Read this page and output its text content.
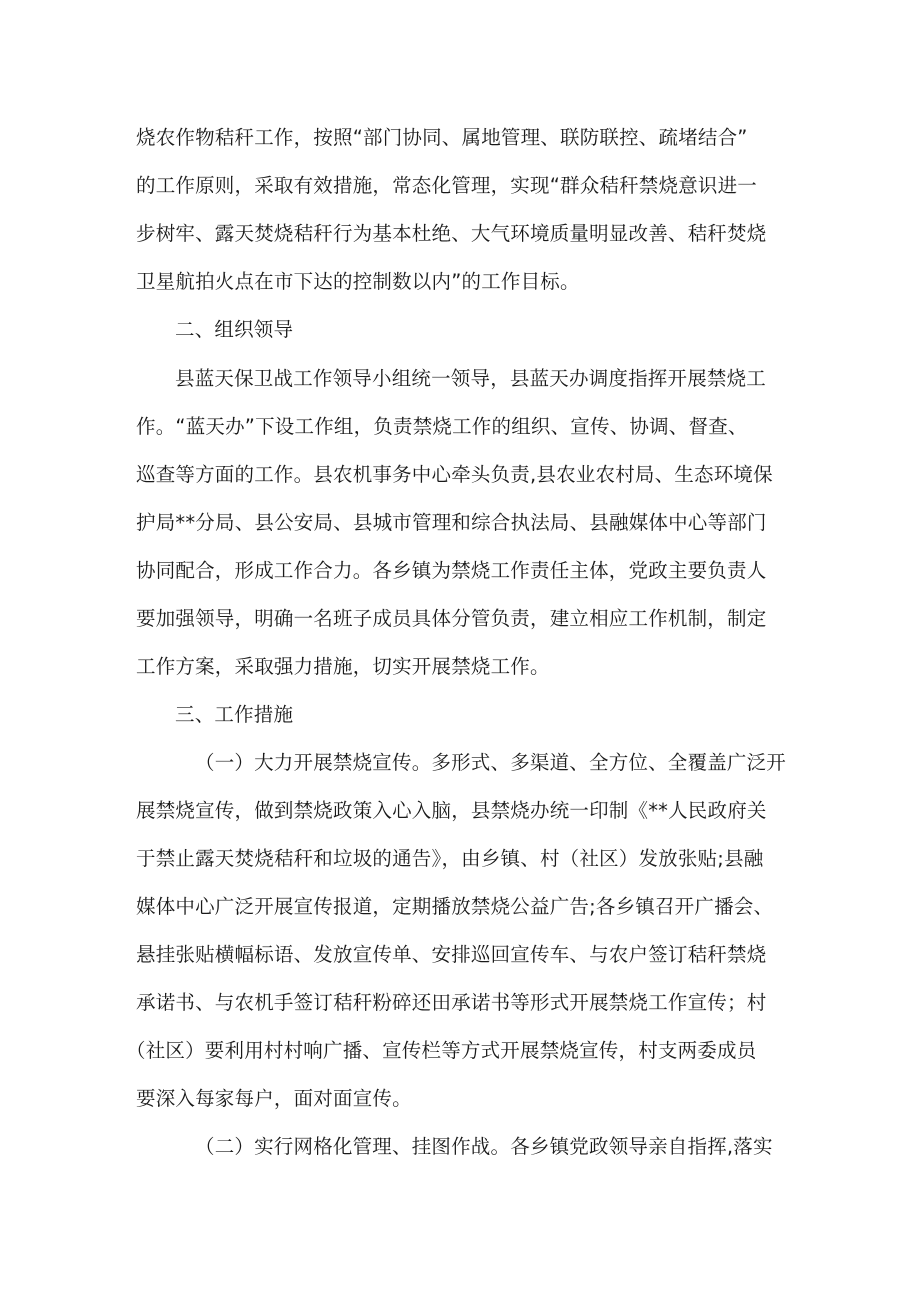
烧农作物秸秆工作，按照“部门协同、属地管理、联防联控、疏堵结合”
的工作原则，采取有效措施，常态化管理，实现“群众秸秆禁烧意识进一
步树牢、露天焚烧秸秆行为基本杜绝、大气环境质量明显改善、秸秆焚烧
卫星航拍火点在市下达的控制数以内”的工作目标。
二、组织领导
县蓝天保卫战工作领导小组统一领导，县蓝天办调度指挥开展禁烧工
作。“蓝天办”下设工作组，负责禁烧工作的组织、宣传、协调、督查、
巡查等方面的工作。县农机事务中心牵头负责,县农业农村局、生态环境保
护局**分局、县公安局、县城市管理和综合执法局、县融媒体中心等部门
协同配合，形成工作合力。各乡镇为禁烧工作责任主体，党政主要负责人
要加强领导，明确一名班子成员具体分管负责，建立相应工作机制，制定
工作方案，采取强力措施，切实开展禁烧工作。
三、工作措施
（一）大力开展禁烧宣传。多形式、多渠道、全方位、全覆盖广泛开
展禁烧宣传，做到禁烧政策入心入脑，县禁烧办统一印制《**人民政府关
于禁止露天焚烧秸秆和垃圾的通告》，由乡镇、村（社区）发放张贴;县融
媒体中心广泛开展宣传报道，定期播放禁烧公益广告;各乡镇召开广播会、
悬挂张贴横幅标语、发放宣传单、安排巡回宣传车、与农户签订秸秆禁烧
承诺书、与农机手签订秸秆粉碎还田承诺书等形式开展禁烧工作宣传；村
（社区）要利用村村响广播、宣传栏等方式开展禁烧宣传，村支两委成员
要深入每家每户，面对面宣传。
（二）实行网格化管理、挂图作战。各乡镇党政领导亲自指挥,落实
